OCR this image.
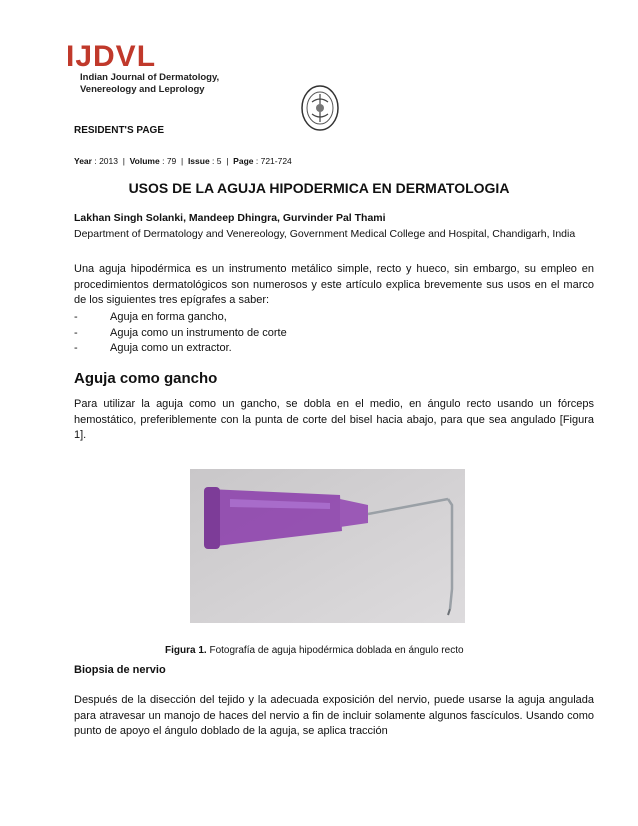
IJDVL
Indian Journal of Dermatology,
Venereology and Leprology
RESIDENT'S PAGE
Year : 2013  |  Volume : 79  |  Issue : 5  |  Page : 721-724
USOS DE LA AGUJA HIPODERMICA EN DERMATOLOGIA
Lakhan Singh Solanki, Mandeep Dhingra, Gurvinder Pal Thami
Department of Dermatology and Venereology, Government Medical College and Hospital, Chandigarh, India
Una aguja hipodérmica es un instrumento metálico simple, recto y hueco, sin embargo, su empleo en procedimientos dermatológicos son numerosos y este artículo explica brevemente sus usos en el marco de los siguientes tres epígrafes a saber:
-	Aguja en forma gancho,
-	Aguja como un instrumento de corte
-	Aguja como un extractor.
Aguja como gancho
Para utilizar la aguja como un gancho, se dobla en el medio, en ángulo recto usando un fórceps hemostático, preferiblemente con la punta de corte del bisel hacia abajo, para que sea angulado [Figura 1].
Figura 1. Fotografía de aguja hipodérmica doblada en ángulo recto
Biopsia de nervio
Después de la disección del tejido y la adecuada exposición del nervio, puede usarse la aguja angulada para atravesar un manojo de haces del nervio a fin de incluir solamente algunos fascículos. Usando como punto de apoyo el ángulo doblado de la aguja, se aplica tracción
